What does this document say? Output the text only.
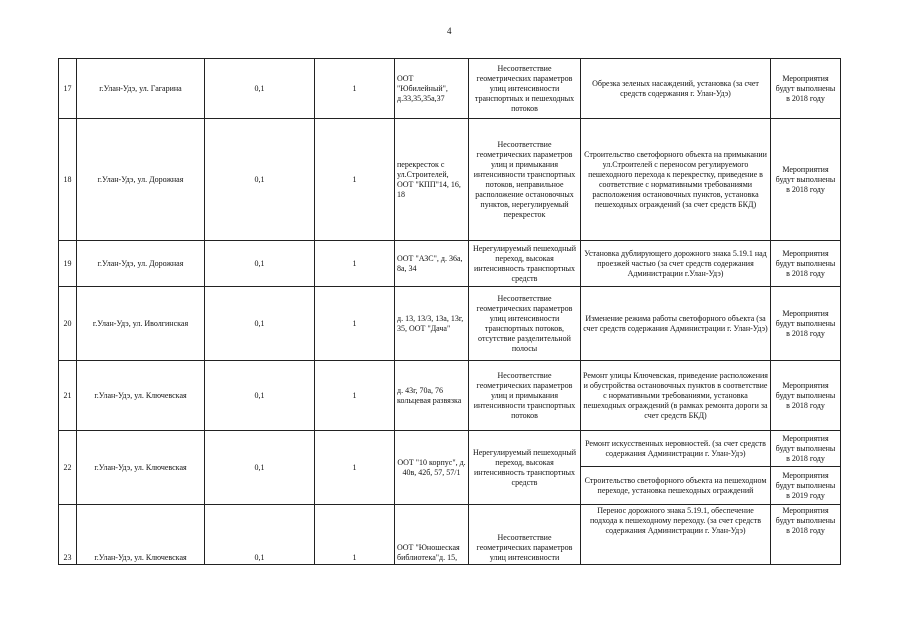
4
17	г.Улан-Удэ, ул. Гагарина	0,1	1	ООТ "Юбилейный", д.33,35,35а,37	Несоответствие геометрических параметров улиц интенсивности транспортных и пешеходных потоков	Обрезка зеленых насаждений, установка (за счет средств содержания г. Улан-Удэ)	Мероприятия будут выполнены в 2018 году
18	г.Улан-Удэ, ул. Дорожная	0,1	1	перекресток с ул.Строителей, ООТ "КПП"14, 16, 18	Несоответствие геометрических параметров улиц и примыкания интенсивности транспортных потоков, неправильное расположение остановочных пунктов, нерегулируемый перекресток	Строительство светофорного объекта на примыкании ул.Строителей с переносом регулируемого пешеходного перехода к перекрестку, приведение в соответствие с нормативными требованиями расположения остановочных пунктов, установка пешеходных ограждений (за счет средств БКД)	Мероприятия будут выполнены в 2018 году
19	г.Улан-Удэ, ул. Дорожная	0,1	1	ООТ "АЗС", д. 36а, 8а, 34	Нерегулируемый пешеходный переход, высокая интенсивность транспортных средств	Установка дублирующего дорожного знака 5.19.1 над проезжей частью (за счет средств содержания Администрации г.Улан-Удэ)	Мероприятия будут выполнены в 2018 году
20	г.Улан-Удэ, ул. Иволгинская	0,1	1	д. 13, 13/3, 13а, 13г, 35, ООТ "Дача"	Несоответствие геометрических параметров улиц интенсивности транспортных потоков, отсутствие разделительной полосы	Изменение режима работы светофорного объекта (за счет средств содержания Администрации г. Улан-Удэ)	Мероприятия будут выполнены в 2018 году
21	г.Улан-Удэ, ул. Ключевская	0,1	1	д. 43г, 70а, 76 кольцевая развязка	Несоответствие геометрических параметров улиц и примыкания интенсивности транспортных потоков	Ремонт улицы Ключевская, приведение расположения и обустройства остановочных пунктов в соответствие с нормативными требованиями, установка пешеходных ограждений (в рамках ремонта дороги за счет средств БКД)	Мероприятия будут выполнены в 2018 году
22	г.Улан-Удэ, ул. Ключевская	0,1	1	ООТ "10 корпус", д. 40в, 42б, 57, 57/1	Нерегулируемый пешеходный переход, высокая интенсивность транспортных средств	Ремонт искусственных неровностей. (за счет средств содержания Администрации г. Улан-Удэ)	Мероприятия будут выполнены в 2018 году
						Строительство светофорного объекта на пешеходном переходе, установка пешеходных ограждений	Мероприятия будут выполнены в 2019 году
23	г.Улан-Удэ, ул. Ключевская	0,1	1	ООТ "Юношеская библиотека"д. 15,	Несоответствие геометрических параметров улиц интенсивности	Перенос дорожного знака 5.19.1, обеспечение подхода к пешеходному переходу. (за счет средств содержания Администрации г. Улан-Удэ)	Мероприятия будут выполнены в 2018 году
